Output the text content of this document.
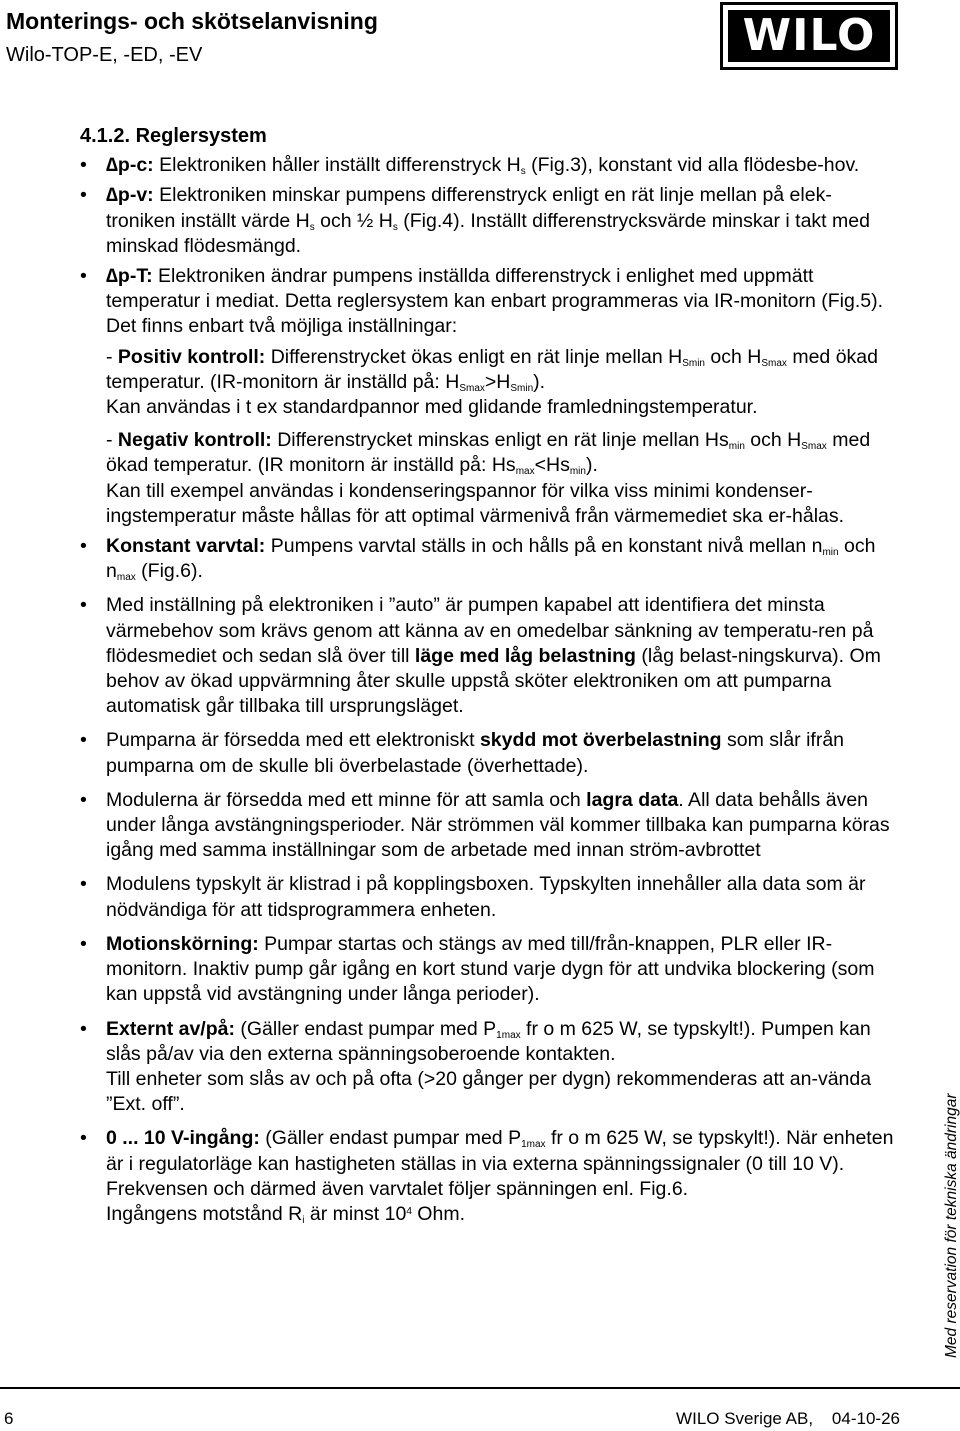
Monterings- och skötselanvisning
Wilo-TOP-E, -ED, -EV	WILO
4.1.2. Reglersystem
• ∆p-c: Elektroniken håller inställt differenstryck $H_s$ (Fig.3), konstant vid alla flödesbe-hov.
• ∆p-v: Elektroniken minskar pumpens differenstryck enligt en rät linje mellan på elek-troniken inställt värde $H_s$ och ½ $H_s$ (Fig.4). Inställt differenstrycksvärde minskar i takt med minskad flödesmängd.
• ∆p-T: Elektroniken ändrar pumpens inställda differenstryck i enlighet med uppmätt temperatur i mediat. Detta reglersystem kan enbart programmeras via IR-monitorn (Fig.5).
Det finns enbart två möjliga inställningar:
- Positiv kontroll: Differenstrycket ökas enligt en rät linje mellan $H_{Smin}$ och $H_{Smax}$ med ökad temperatur. (IR-monitorn är inställd på: $H_{Smax}>H_{Smin}$).
Kan användas i t ex standardpannor med glidande framledningstemperatur.
- Negativ kontroll: Differenstrycket minskas enligt en rät linje mellan $Hs_{min}$ och $H_{Smax}$ med ökad temperatur. (IR monitorn är inställd på: $Hs_{max}<Hs_{min}$).
Kan till exempel användas i kondenseringspannor för vilka viss minimi kondenser-ingstemperatur måste hållas för att optimal värmenivå från värmemediet ska er-hålas.
• Konstant varvtal: Pumpens varvtal ställs in och hålls på en konstant nivå mellan $n_{min}$ och $n_{max}$ (Fig.6).
• Med inställning på elektroniken i ”auto” är pumpen kapabel att identifiera det minsta värmebehov som krävs genom att känna av en omedelbar sänkning av temperatu-ren på flödesmediet och sedan slå över till läge med låg belastning (låg belast-ningskurva). Om behov av ökad uppvärmning åter skulle uppstå sköter elektroniken om att pumparna automatisk går tillbaka till ursprungsläget.
• Pumparna är försedda med ett elektroniskt skydd mot överbelastning som slår ifrån pumparna om de skulle bli överbelastade (överhettade).
• Modulerna är försedda med ett minne för att samla och lagra data. All data behålls även under långa avstängningsperioder. När strömmen väl kommer tillbaka kan pumparna köras igång med samma inställningar som de arbetade med innan ström-avbrottet
• Modulens typskylt är klistrad i på kopplingsboxen. Typskylten innehåller alla data som är nödvändiga för att tidsprogrammera enheten.
• Motionskörning: Pumpar startas och stängs av med till/från-knappen, PLR eller IR-monitorn. Inaktiv pump går igång en kort stund varje dygn för att undvika blockering (som kan uppstå vid avstängning under långa perioder).
• Externt av/på: (Gäller endast pumpar med $P_{1max}$ fr o m 625 W, se typskylt!). Pumpen kan slås på/av via den externa spänningsoberoende kontakten.
Till enheter som slås av och på ofta (>20 gånger per dygn) rekommenderas att an-vända ”Ext. off”.
• 0 ... 10 V-ingång: (Gäller endast pumpar med $P_{1max}$ fr o m 625 W, se typskylt!). När enheten är i regulatorläge kan hastigheten ställas in via externa spänningssignaler (0 till 10 V). Frekvensen och därmed även varvtalet följer spänningen enl. Fig.6.
Ingångens motstånd $R_i$ är minst $10^4$ Ohm.	Med reservation för tekniska ändringar
6	WILO Sverige AB,    04-10-26
